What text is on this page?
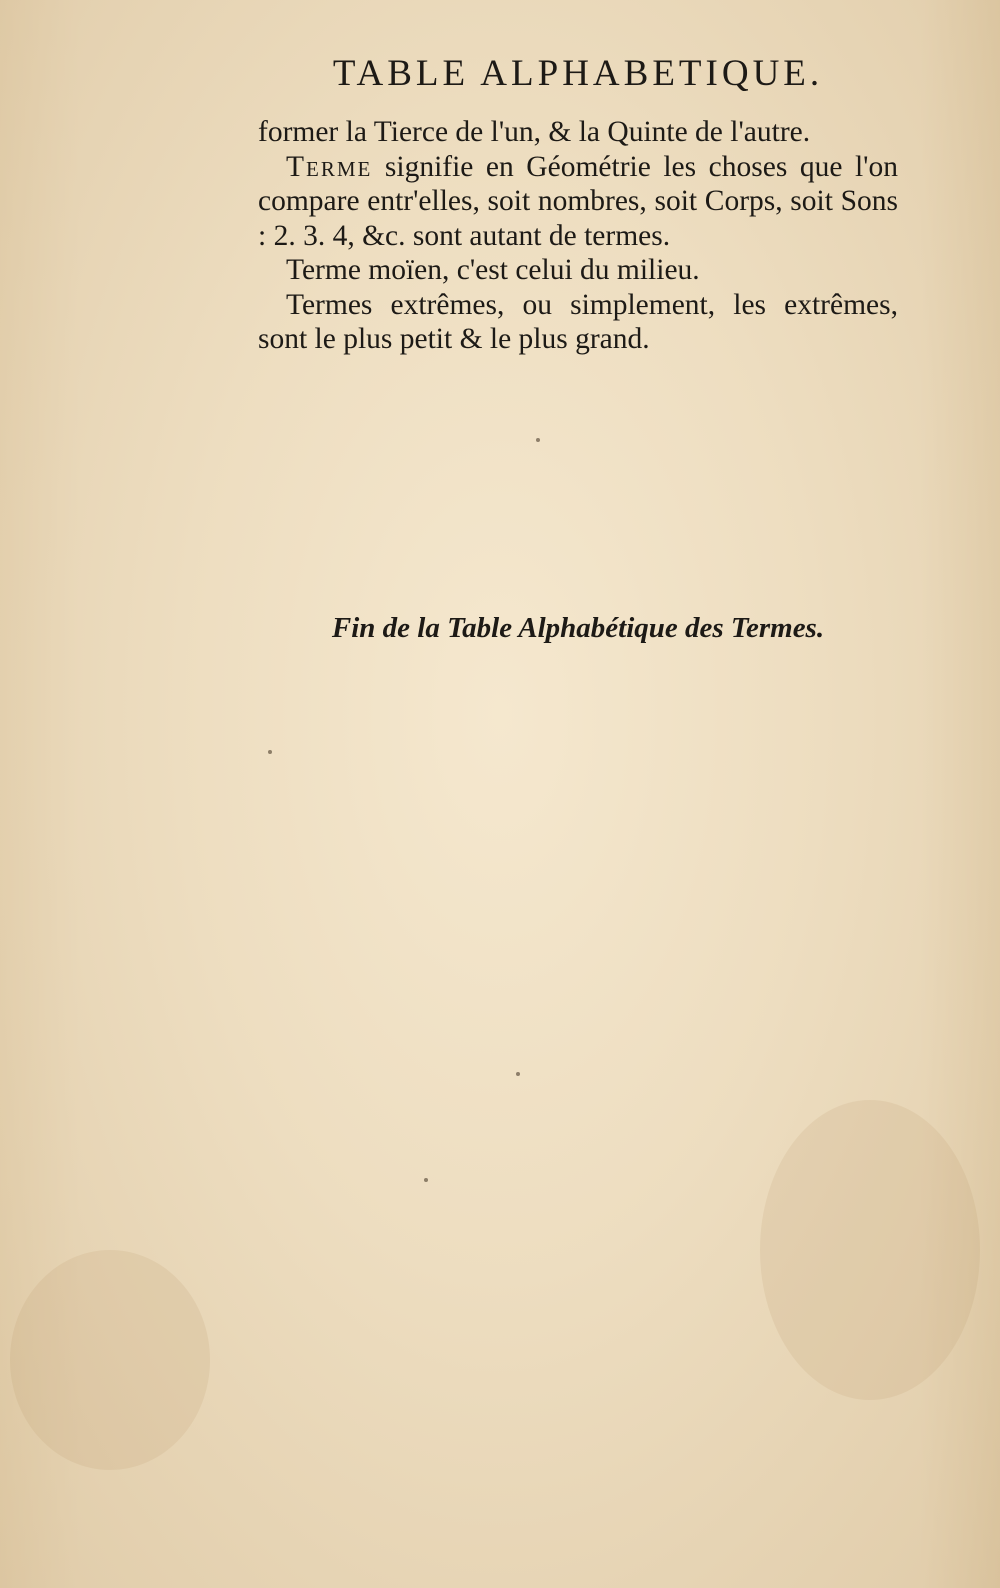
TABLE ALPHABETIQUE.

former la Tierce de l'un, & la Quinte de l'autre.

Terme signifie en Géométrie les choses que l'on compare entr'elles, soit nombres, soit Corps, soit Sons : 2. 3. 4, &c. sont autant de termes.

Terme moïen, c'est celui du milieu.

Termes extrêmes, ou simplement, les extrêmes, sont le plus petit & le plus grand.

Fin de la Table Alphabétique des Termes.
